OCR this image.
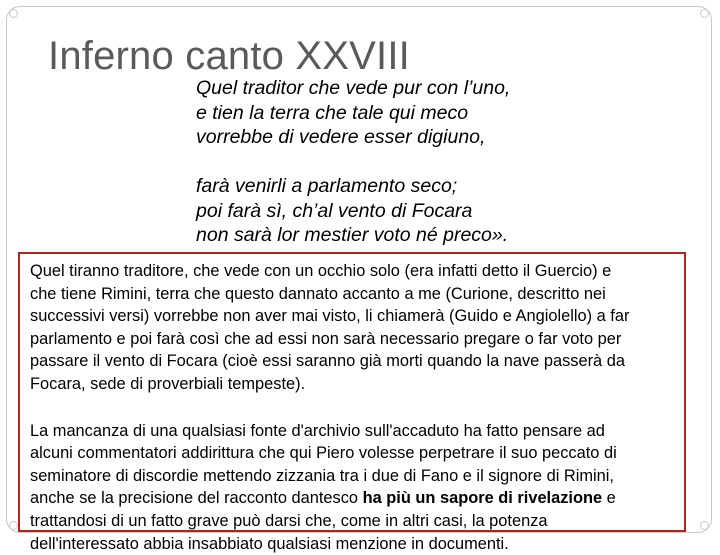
Inferno canto XXVIII
Quel traditor che vede pur con l’uno,
e tien la terra che tale qui meco
vorrebbe di vedere esser digiuno,
farà venirli a parlamento seco;
poi farà sì, ch’al vento di Focara
non sarà lor mestier voto né preco».

Quel tiranno traditore, che vede con un occhio solo (era infatti detto il Guercio) e
che tiene Rimini, terra che questo dannato accanto a me (Curione, descritto nei
successivi versi) vorrebbe non aver mai visto, li chiamerà (Guido e Angiolello) a far
parlamento e poi farà così che ad essi non sarà necessario pregare o far voto per
passare il vento di Focara (cioè essi saranno già morti quando la nave passerà da
Focara, sede di proverbiali tempeste).

La mancanza di una qualsiasi fonte d'archivio sull'accaduto ha fatto pensare ad
alcuni commentatori addirittura che qui Piero volesse perpetrare il suo peccato di
seminatore di discordie mettendo zizzania tra i due di Fano e il signore di Rimini,
anche se la precisione del racconto dantesco ha più un sapore di rivelazione e
trattandosi di un fatto grave può darsi che, come in altri casi, la potenza
dell'interessato abbia insabbiato qualsiasi menzione in documenti.
